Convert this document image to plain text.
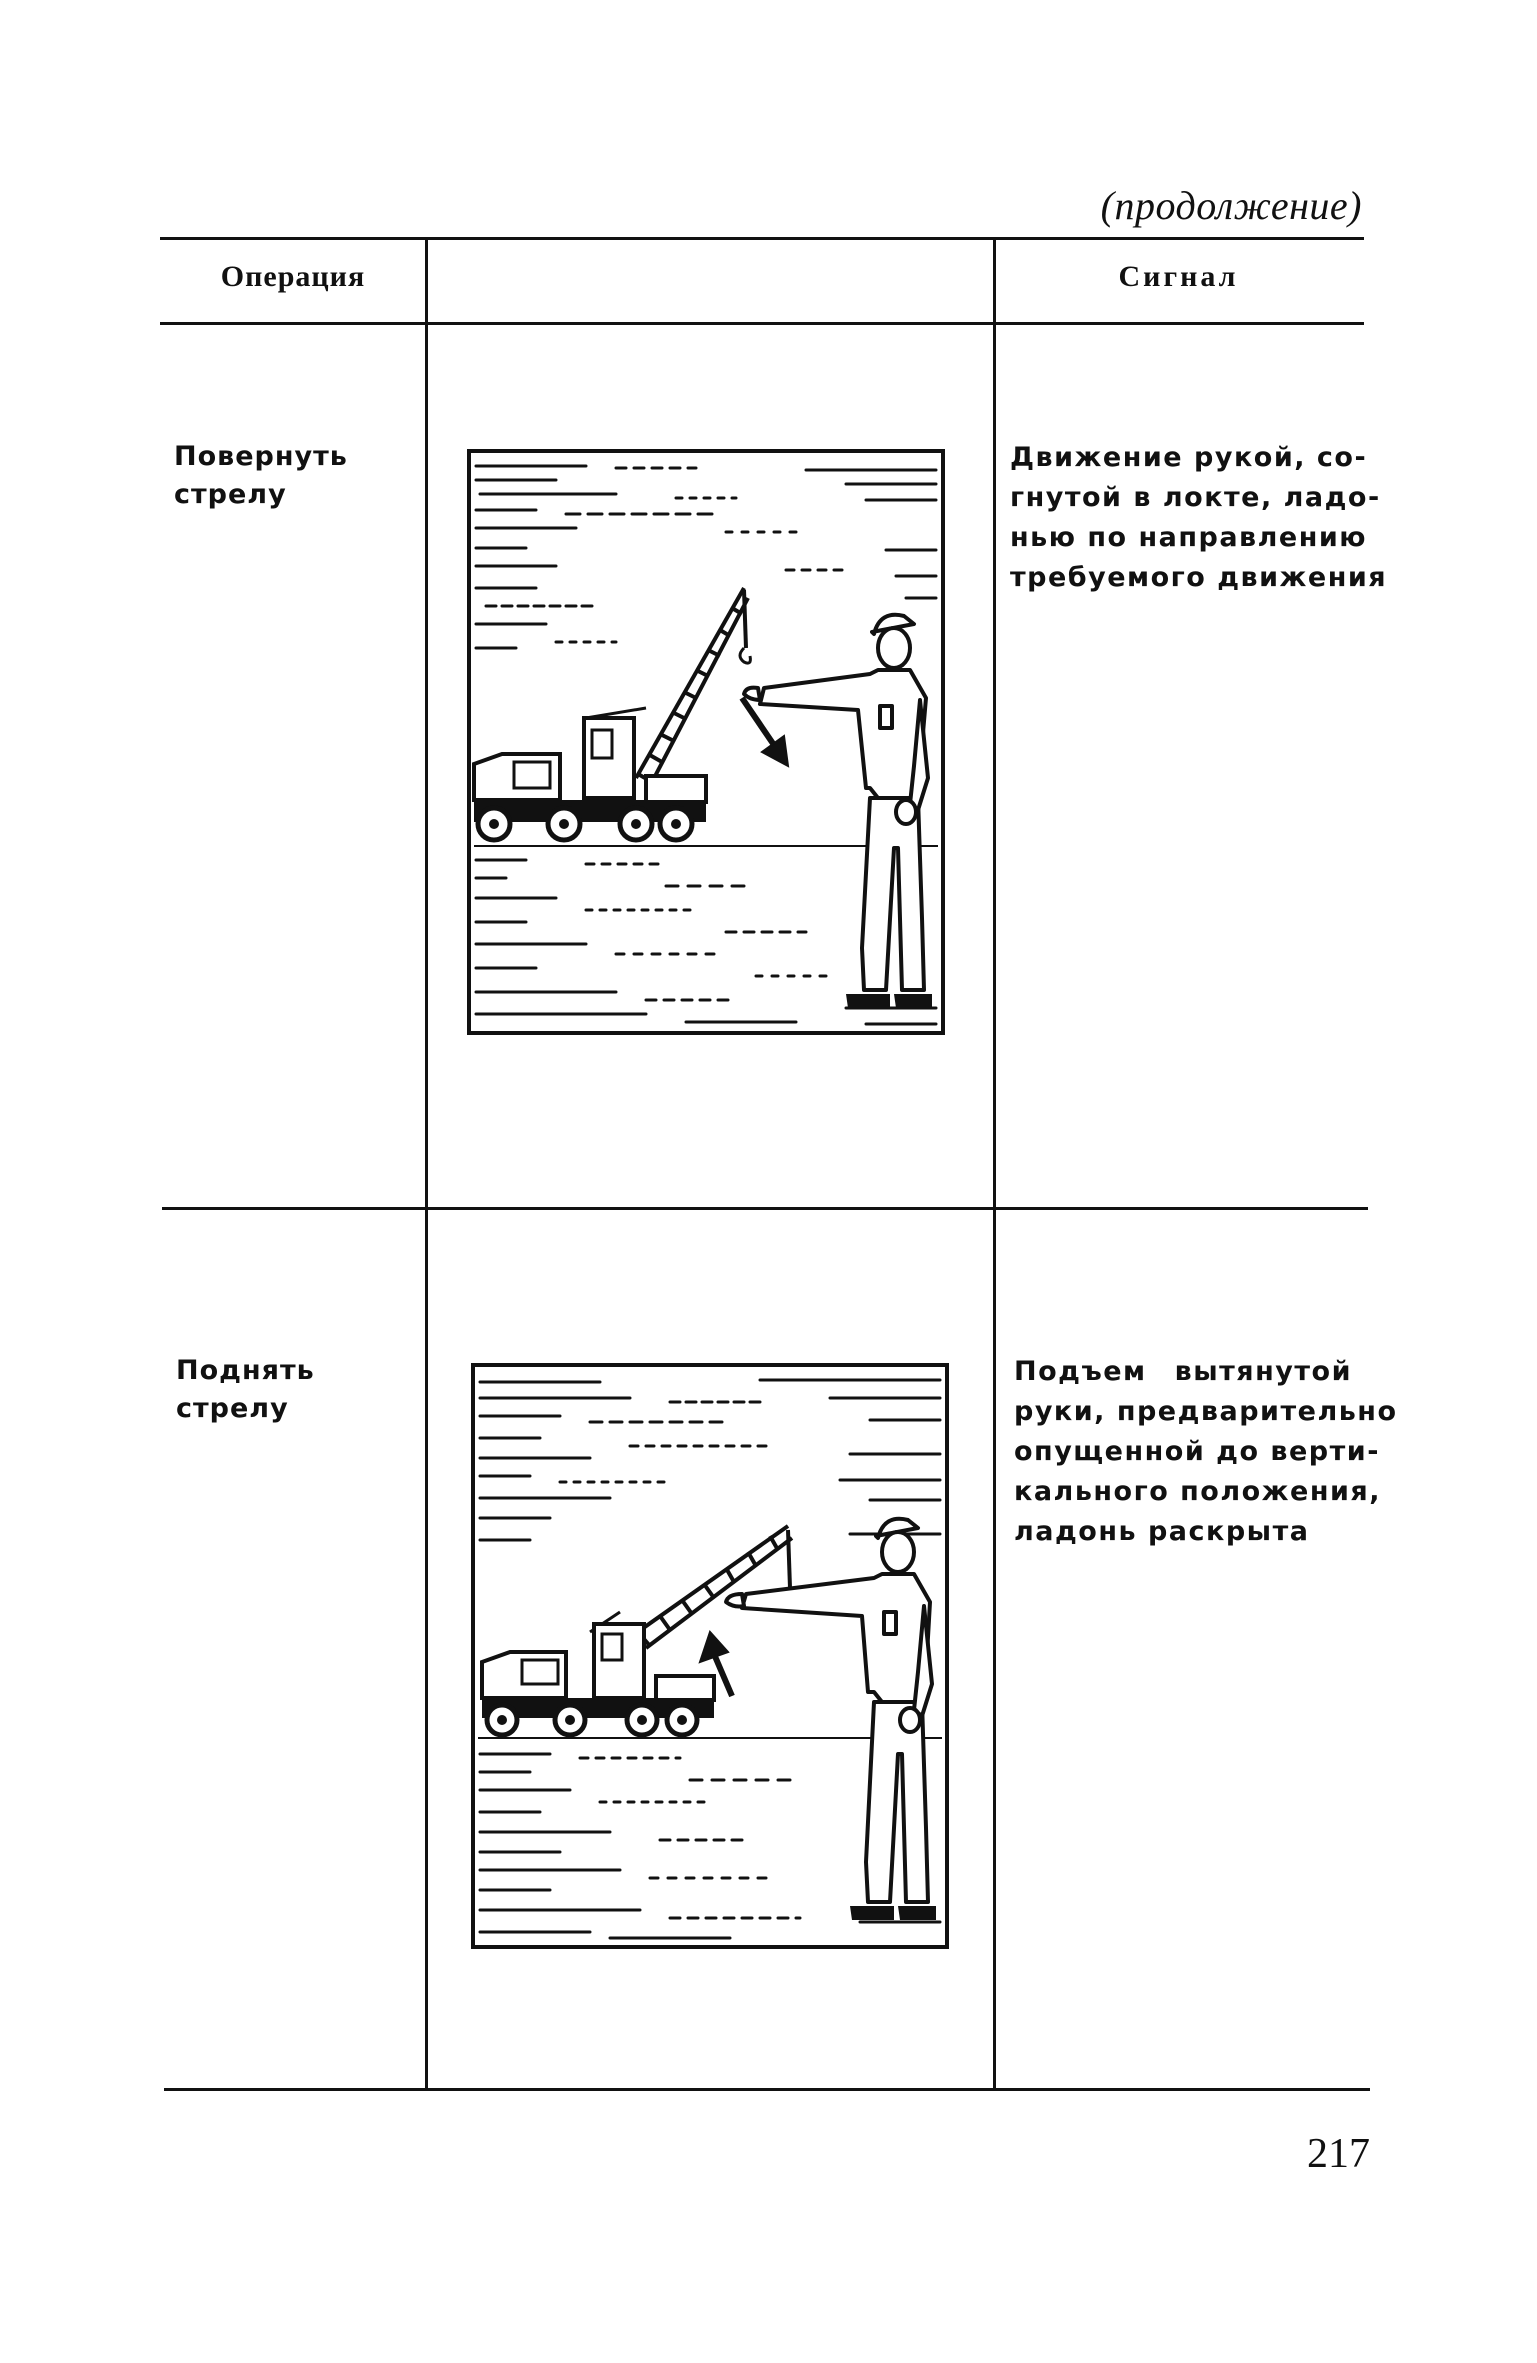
(продолжение)
Операция	Сигнал
Повернуть
стрелу
Движение рукой, со-
гнутой в локте, ладо-
нью по направлению
требуемого движения
Поднять стрелу
Подъем вытянутой
руки, предварительно
опущенной до верти-
кального положения,
ладонь раскрыта
217
